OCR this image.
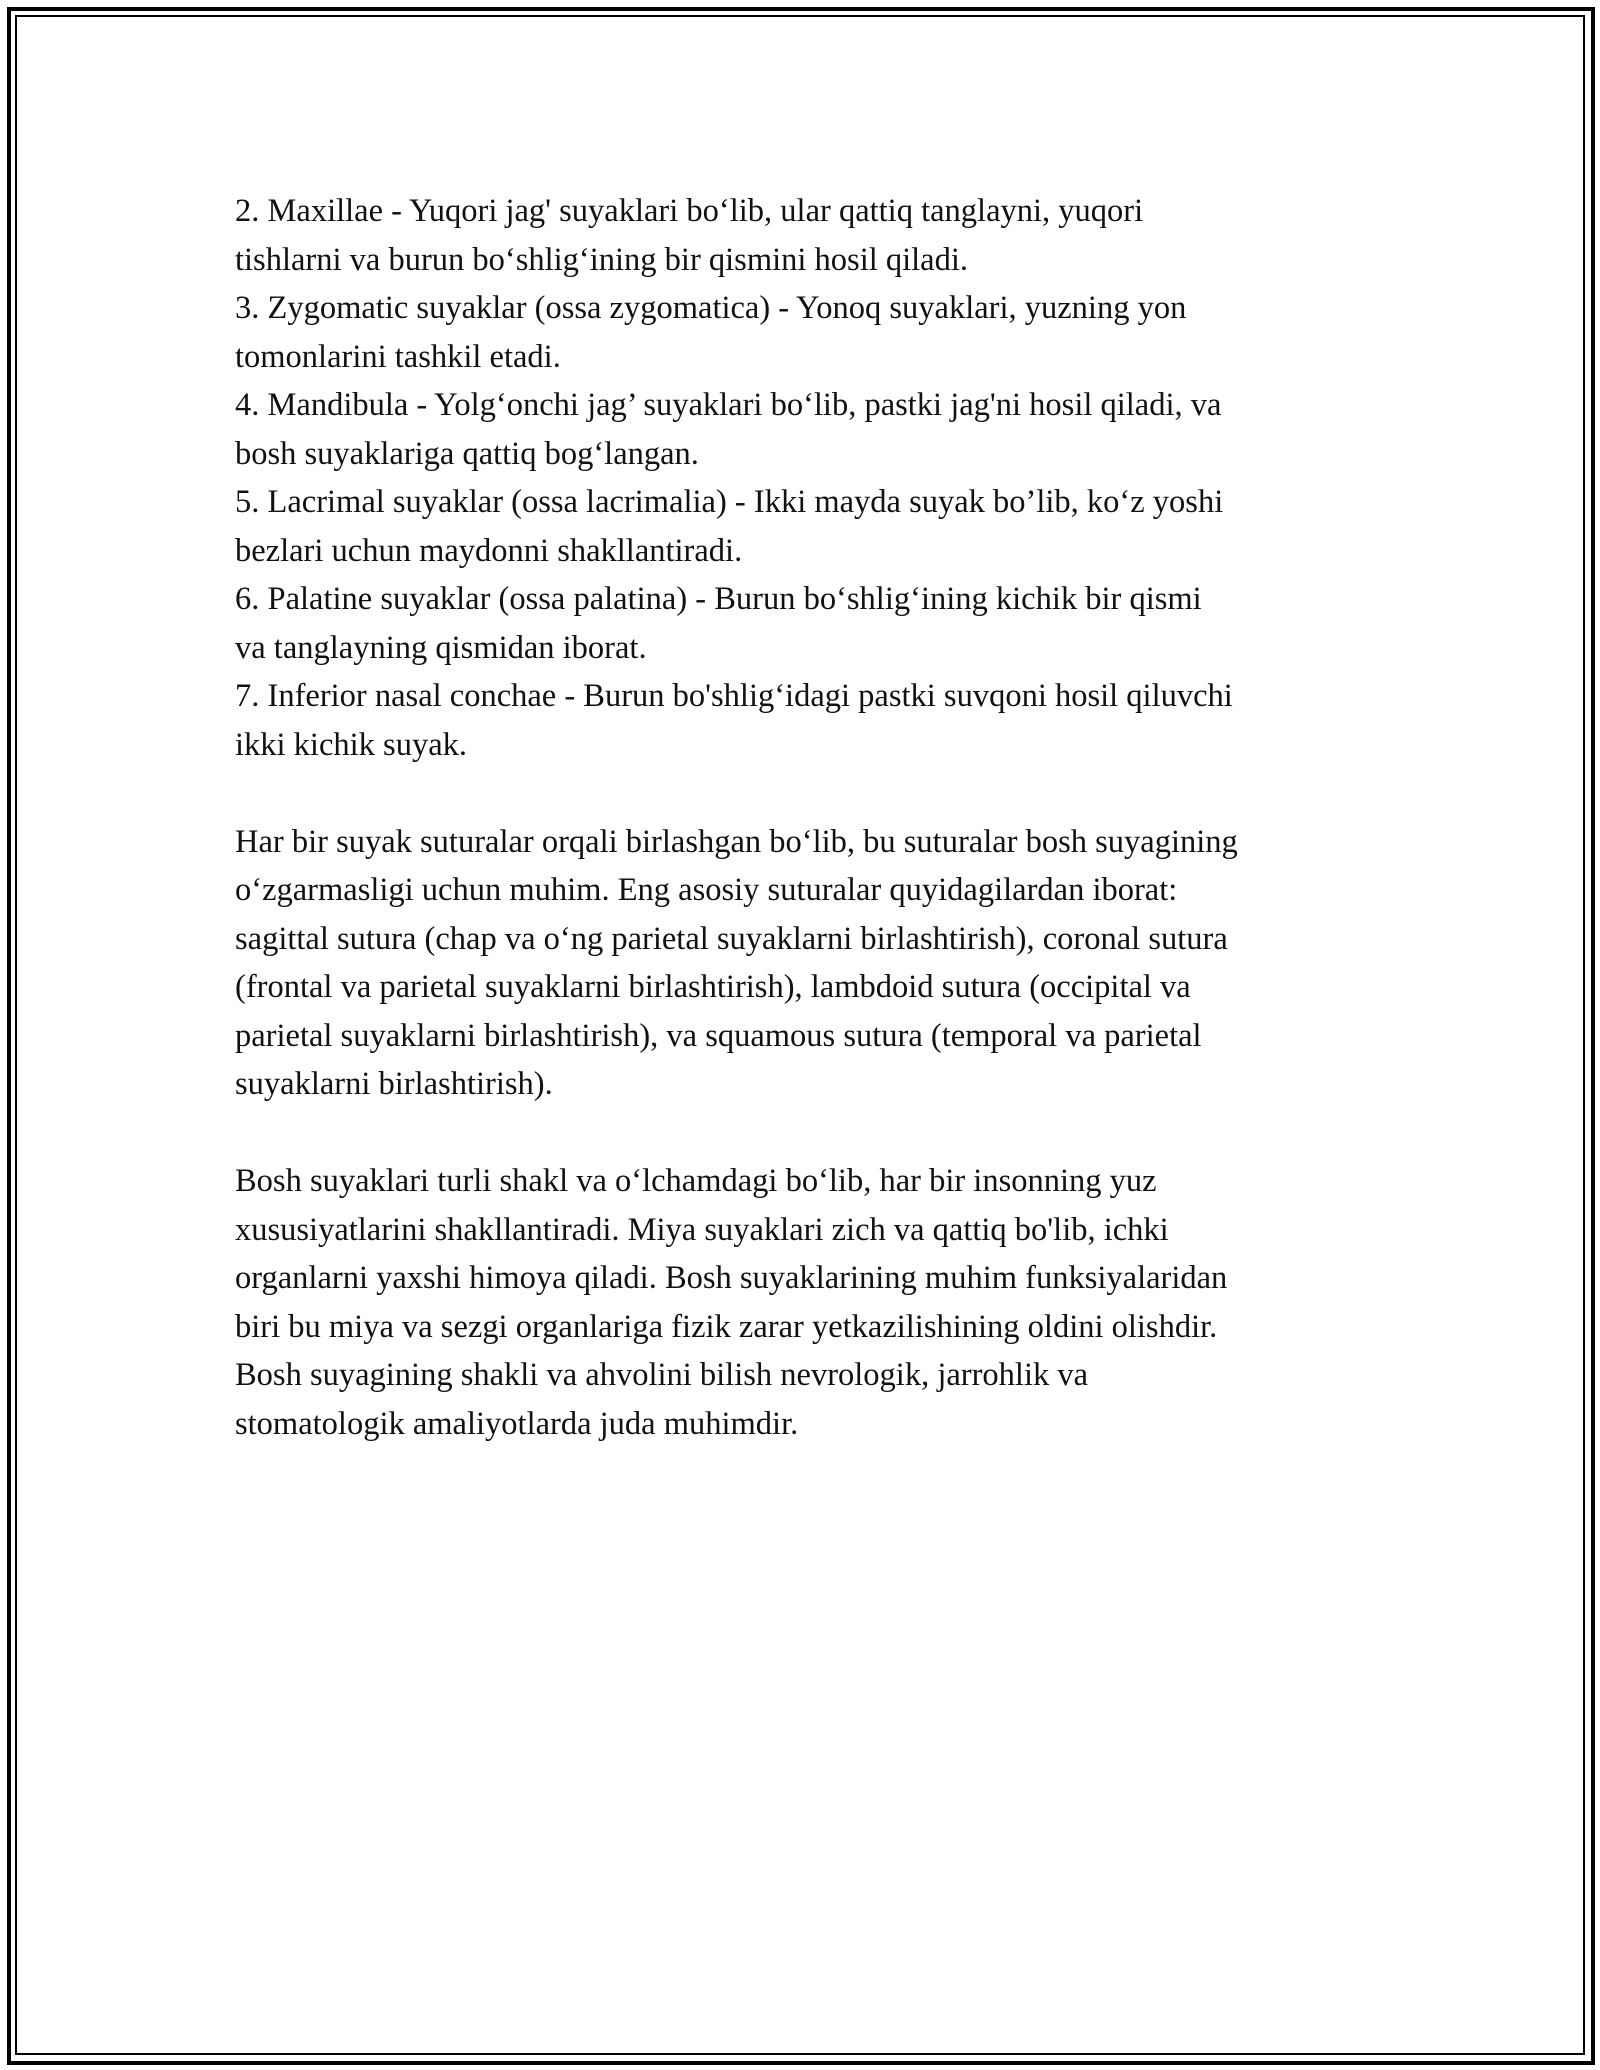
2. Maxillae - Yuqori jag' suyaklari bo‘lib, ular qattiq tanglayni, yuqori
tishlarni va burun bo‘shlig‘ining bir qismini hosil qiladi.
3. Zygomatic suyaklar (ossa zygomatica) - Yonoq suyaklari, yuzning yon
tomonlarini tashkil etadi.
4. Mandibula - Yolg‘onchi jag’ suyaklari bo‘lib, pastki jag'ni hosil qiladi, va
bosh suyaklariga qattiq bog‘langan.
5. Lacrimal suyaklar (ossa lacrimalia) - Ikki mayda suyak bo’lib, ko‘z yoshi
bezlari uchun maydonni shakllantiradi.
6. Palatine suyaklar (ossa palatina) - Burun bo‘shlig‘ining kichik bir qismi
va tanglayning qismidan iborat.
7. Inferior nasal conchae - Burun bo'shlig‘idagi pastki suvqoni hosil qiluvchi
ikki kichik suyak.
Har bir suyak suturalar orqali birlashgan bo‘lib, bu suturalar bosh suyagining
o‘zgarmasligi uchun muhim. Eng asosiy suturalar quyidagilardan iborat:
sagittal sutura (chap va o‘ng parietal suyaklarni birlashtirish), coronal sutura
(frontal va parietal suyaklarni birlashtirish), lambdoid sutura (occipital va
parietal suyaklarni birlashtirish), va squamous sutura (temporal va parietal
suyaklarni birlashtirish).
Bosh suyaklari turli shakl va o‘lchamdagi bo‘lib, har bir insonning yuz
xususiyatlarini shakllantiradi. Miya suyaklari zich va qattiq bo'lib, ichki
organlarni yaxshi himoya qiladi. Bosh suyaklarining muhim funksiyalaridan
biri bu miya va sezgi organlariga fizik zarar yetkazilishining oldini olishdir.
Bosh suyagining shakli va ahvolini bilish nevrologik, jarrohlik va
stomatologik amaliyotlarda juda muhimdir.
